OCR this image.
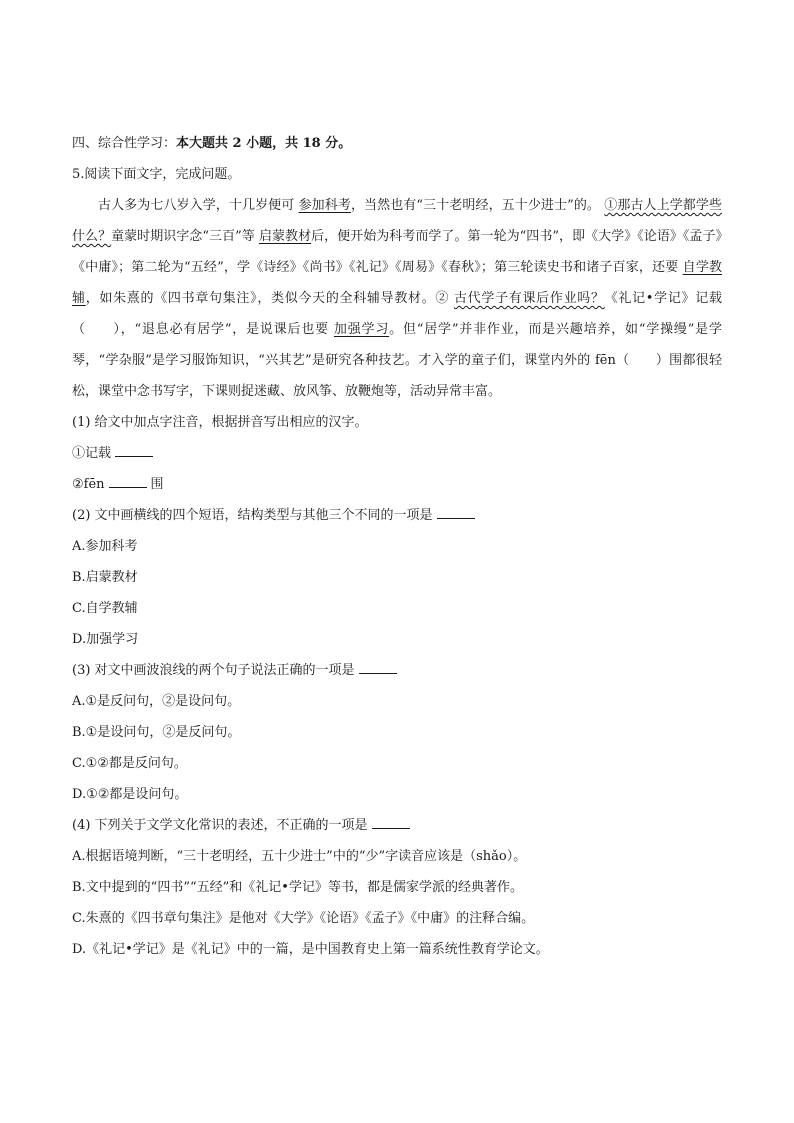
四、综合性学习：本大题共 2 小题，共 18 分。
5.阅读下面文字，完成问题。

古人多为七八岁入学，十几岁便可 参加科考，当然也有“三十老明经，五十少进士”的。 ①那古人上学都学些什么？童蒙时期识字念“三百”等 启蒙教材后，便开始为科考而学了。第一轮为“四书”，即《大学》《论语》《孟子》《中庸》；第二轮为“五经”，学《诗经》《尚书》《礼记》《周易》《春秋》；第三轮读史书和诸子百家，还要 自学教辅，如朱熹的《四书章句集注》，类似今天的全科辅导教材。② 古代学子有课后作业吗？《礼记•学记》记载（　　），“退息必有居学”，是说课后也要 加强学习。但“居学”并非作业，而是兴趣培养，如“学操缦”是学琴，“学杂服”是学习服饰知识，“兴其艺”是研究各种技艺。才入学的童子们，课堂内外的 fēn（　　）围都很轻松，课堂中念书写字，下课则捉迷藏、放风筝、放鞭炮等，活动异常丰富。

(1) 给文中加点字注音，根据拼音写出相应的汉字。
①记载
②fēn	围
(2) 文中画横线的四个短语，结构类型与其他三个不同的一项是
A.参加科考
B.启蒙教材
C.自学教辅
D.加强学习
(3) 对文中画波浪线的两个句子说法正确的一项是
A.①是反问句，②是设问句。
B.①是设问句，②是反问句。
C.①②都是反问句。
D.①②都是设问句。
(4) 下列关于文学文化常识的表述，不正确的一项是
A.根据语境判断，“三十老明经，五十少进士”中的“少”字读音应该是（shǎo）。
B.文中提到的“四书”“五经”和《礼记•学记》等书，都是儒家学派的经典著作。
C.朱熹的《四书章句集注》是他对《大学》《论语》《孟子》《中庸》的注释合编。
D.《礼记•学记》是《礼记》中的一篇，是中国教育史上第一篇系统性教育学论文。
